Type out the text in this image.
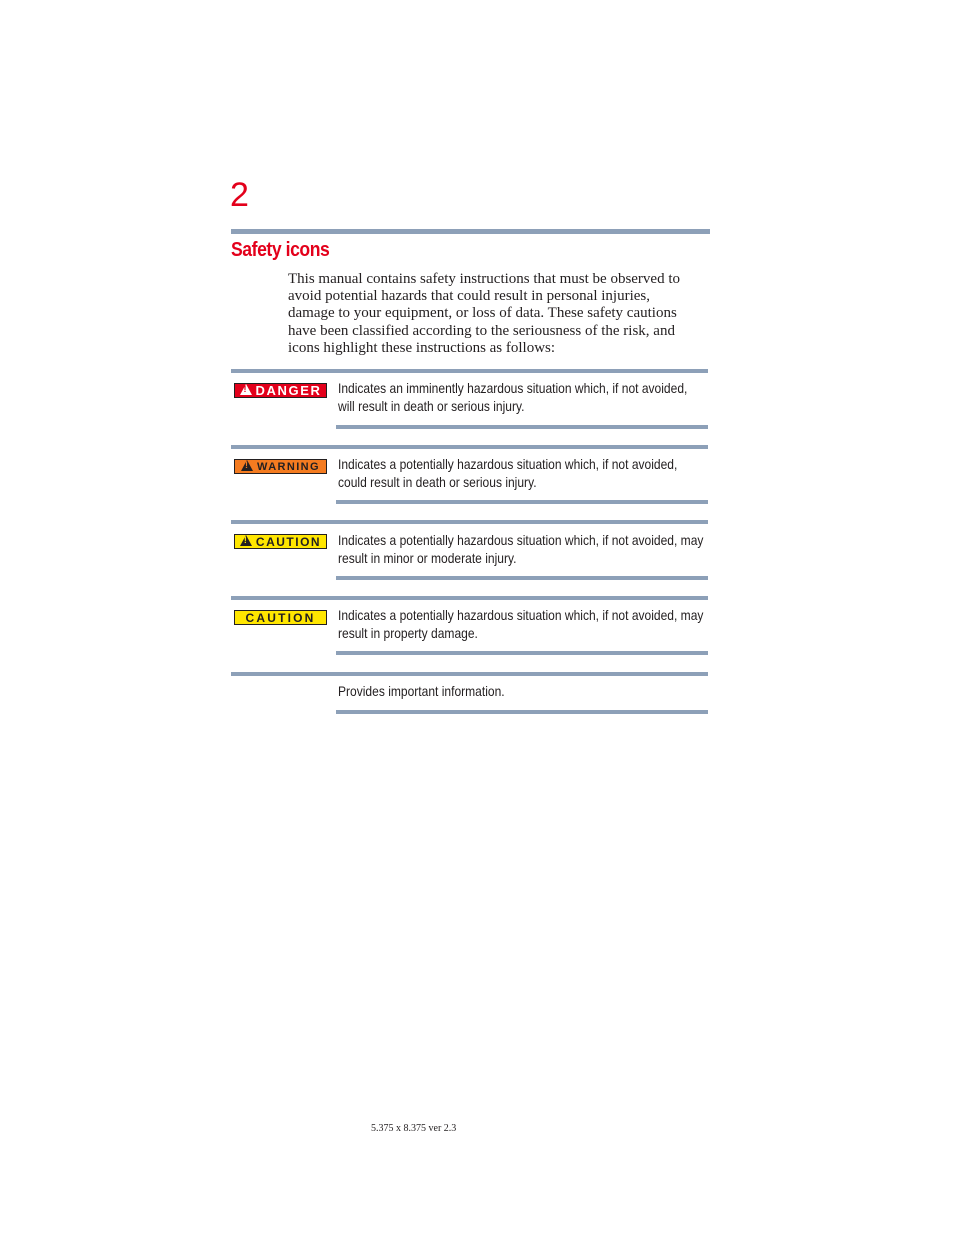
2
Safety icons
This manual contains safety instructions that must be observed to
avoid potential hazards that could result in personal injuries,
damage to your equipment, or loss of data. These safety cautions
have been classified according to the seriousness of the risk, and
icons highlight these instructions as follows:
!
DANGER Indicates an imminently hazardous situation which, if not avoided,
will result in death or serious injury.
!
WARNING Indicates a potentially hazardous situation which, if not avoided,
could result in death or serious injury.
!
CAUTION Indicates a potentially hazardous situation which, if not avoided, may
result in minor or moderate injury.
CAUTION Indicates a potentially hazardous situation which, if not avoided, may
result in property damage.
Provides important information.
5.375 x 8.375 ver 2.3
